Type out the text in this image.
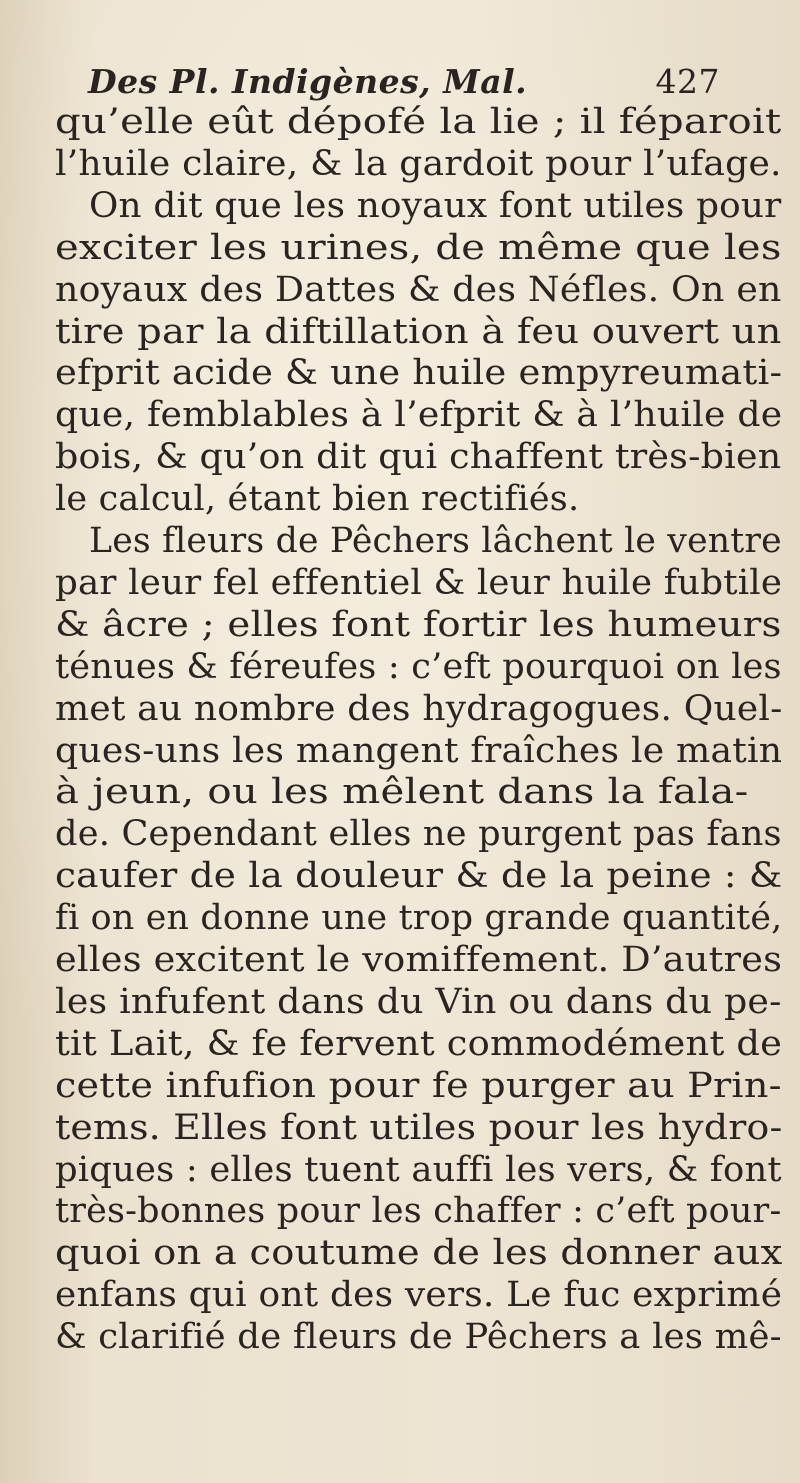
Des Pl. Indigènes, Mal.	427
qu’elle eût dépofé la lie ; il féparoit
l’huile claire, & la gardoit pour l’ufage.
On dit que les noyaux font utiles pour
exciter les urines, de même que les
noyaux des Dattes & des Néfles. On en
tire par la diftillation à feu ouvert un
efprit acide & une huile empyreumati-
que, femblables à l’efprit & à l’huile de
bois, & qu’on dit qui chaffent très-bien
le calcul, étant bien rectifiés.
Les fleurs de Pêchers lâchent le ventre
par leur fel effentiel & leur huile fubtile
& âcre ; elles font fortir les humeurs
ténues & féreufes : c’eft pourquoi on les
met au nombre des hydragogues. Quel-
ques-uns les mangent fraîches le matin
à jeun, ou les mêlent dans la fala-
de. Cependant elles ne purgent pas fans
caufer de la douleur & de la peine : &
fi on en donne une trop grande quantité,
elles excitent le vomiffement. D’autres
les infufent dans du Vin ou dans du pe-
tit Lait, & fe fervent commodément de
cette infufion pour fe purger au Prin-
tems. Elles font utiles pour les hydro-
piques : elles tuent auffi les vers, & font
très-bonnes pour les chaffer : c’eft pour-
quoi on a coutume de les donner aux
enfans qui ont des vers. Le fuc exprimé
& clarifié de fleurs de Pêchers a les mê-
